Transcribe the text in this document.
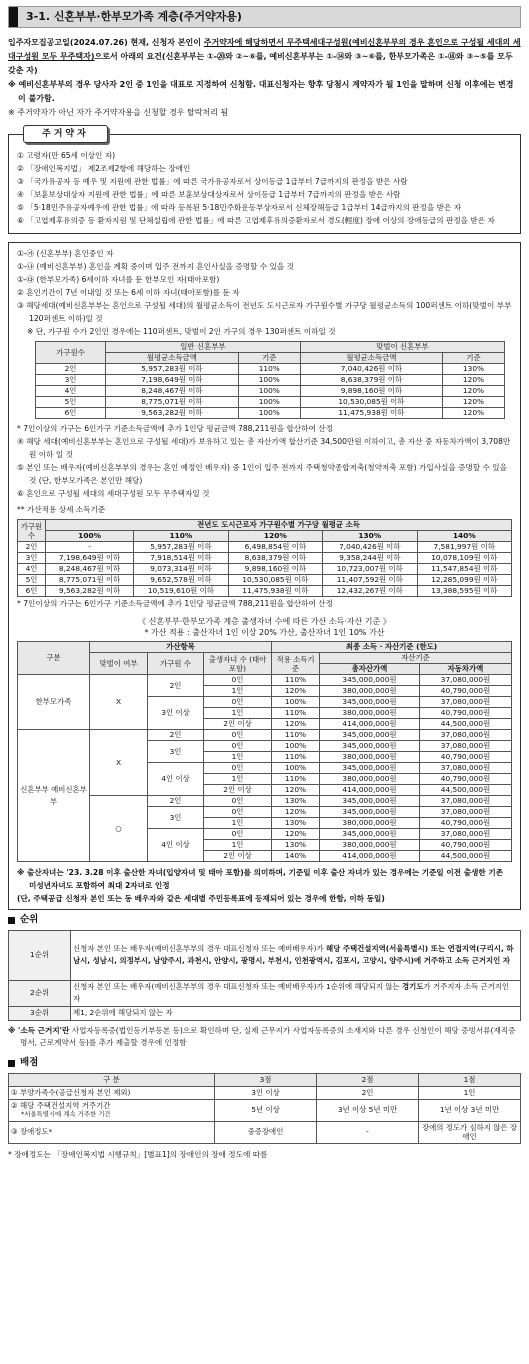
3-1. 신혼부부·한부모가족 계층(주거약자용)
입주자모집공고일(2024.07.26) 현재, 신청자 본인이 주거약자에 해당하면서 무주택세대구성원(예비신혼부부의 경우 혼인으로 구성될 세대의 세대구성원 모두 무주택자)으로서 아래의 요건(신혼부부는 ①-⑳와 ②~⑥를, 예비신혼부부는 ①-⑭와 ③~⑥를, 한부모가족은 ①-⑱와 ③~⑤를 모두 갖춘 자)
※ 예비신혼부부의 경우 당사자 2인 중 1인을 대표로 지정하여 신청함. 대표신청자는 향후 당첨시 계약자가 될 1인을 말하며 신청 이후에는 변경이 불가함.
※ 주거약자가 아닌 자가 주거약자용을 신청할 경우 탈락처리 됨
주거약자
① 고령자(만 65세 이상인 자)
② 「장애인복지법」 제2조제2항에 해당하는 장애인
③ 「국가유공자 등 예우 및 지원에 관한 법률」에 따른 국가유공자로서 상이등급 1급부터 7급까지의 판정을 받은 사람
④ 「보훈보상대상자 지원에 관한 법률」에 따른 보훈보상대상자로서 상이등급 1급부터 7급까지의 판정을 받은 사람
⑤ 「5·18민주유공자예우에 관한 법률」에 따라 등록된 5·18민주화운동부상자로서 신체장해등급 1급부터 14급까지의 판정을 받은 자
⑥ 「고엽제후유의증 등 환자지원 및 단체설립에 관한 법률」에 따른 고엽제후유의증환자로서 경도(輕度) 장애 이상의 장애등급의 판정을 받은 자
①-㉮ (신혼부부) 혼인중인 자
①-㉯ (예비신혼부부) 혼인을 계획 중이며 입주 전까지 혼인사실을 증명할 수 있을 것
①-㉰ (한부모가족) 6세이하 자녀를 둔 한부모인 자(태아포함)
② 혼인기간이 7년 이내일 것 또는 6세 이하 자녀(태아포함)를 둔 자
③ 해당세대(예비신혼부부는 혼인으로 구성될 세대)의 월평균소득이 전년도 도시근로자 가구원수별 가구당 월평균소득의 100퍼센트 이하(맞벌이 부부 120퍼센트 이하)일 것
※ 단, 가구원 수가 2인인 경우에는 110퍼센트, 맞벌이 2인 가구의 경우 130퍼센트 이하일 것
가구원수	일반 신혼부부		맞벌이 신혼부부	
	월평균소득금액	기준	월평균소득금액	기준
2인	5,957,283원 이하	110%	7,040,426원 이하	130%
3인	7,198,649원 이하	100%	8,638,379원 이하	120%
4인	8,248,467원 이하	100%	9,898,160원 이하	120%
5인	8,775,071원 이하	100%	10,530,085원 이하	120%
6인	9,563,282원 이하	100%	11,475,938원 이하	120%
* 7인이상의 가구는 6인가구 기준소득금액에 추가 1인당 평균금액 788,211원을 합산하여 산정
④ 해당 세대(예비신혼부부는 혼인으로 구성될 세대)가 보유하고 있는 총 자산가액 합산기준 34,500만원 이하이고, 총 자산 중 자동차가액이 3,708만원 이하 일 것
⑤ 본인 또는 배우자(예비신혼부부의 경우는 혼인 예정인 배우자) 중 1인이 입주 전까지 주택청약종합저축(청약저축 포함) 가입사실을 증명할 수 있을 것 (단, 한부모가족은 본인만 해당)
⑥ 혼인으로 구성될 세대의 세대구성원 모두 무주택자일 것
** 가산적용 상세 소득기준
가구원수	전년도 도시근로자 가구원수별 가구당 월평균 소득				
	100%	110%	120%	130%	140%
2인	-	5,957,283원 이하	6,498,854원 이하	7,040,426원 이하	7,581,997원 이하
3인	7,198,649원 이하	7,918,514원 이하	8,638,379원 이하	9,358,244원 이하	10,078,109원 이하
4인	8,248,467원 이하	9,073,314원 이하	9,898,160원 이하	10,723,007원 이하	11,547,854원 이하
5인	8,775,071원 이하	9,652,578원 이하	10,530,085원 이하	11,407,592원 이하	12,285,099원 이하
6인	9,563,282원 이하	10,519,610원 이하	11,475,938원 이하	12,432,267원 이하	13,388,595원 이하
* 7인이상의 가구는 6인가구 기준소득금액에 추가 1인당 평균금액 788,211원을 합산하여 산정
《 신혼부부·한부모가족 계층 출생자녀 수에 따른 가산 소득·자산 기준 》
* 가산 적용 : 출산자녀 1인 이상 20% 가산, 출산자녀 1인 10% 가산
구분	가산항목			최종 소득 · 자산기준 (한도)		
	맞벌이 여부	가구원 수	출생자녀 수 (태아포함)	적용 소득기준	자산기준	
					총자산가액	자동차가액
한부모가족	X	2인	0인	110%	345,000,000원	37,080,000원
			1인	120%	380,000,000원	40,790,000원
		3인 이상	0인	100%	345,000,000원	37,080,000원
			1인	110%	380,000,000원	40,790,000원
			2인 이상	120%	414,000,000원	44,500,000원
신혼부부 예비신혼부부	X	2인	0인	110%	345,000,000원	37,080,000원
		3인	0인	100%	345,000,000원	37,080,000원
			1인	110%	380,000,000원	40,790,000원
		4인 이상	0인	100%	345,000,000원	37,080,000원
			1인	110%	380,000,000원	40,790,000원
			2인 이상	120%	414,000,000원	44,500,000원
	○	2인	0인	130%	345,000,000원	37,080,000원
		3인	0인	120%	345,000,000원	37,080,000원
			1인	130%	380,000,000원	40,790,000원
		4인 이상	0인	120%	345,000,000원	37,080,000원
			1인	130%	380,000,000원	40,790,000원
			2인 이상	140%	414,000,000원	44,500,000원
※ 출산자녀는 '23. 3.28 이후 출산한 자녀(입양자녀 및 태아 포함)를 의미하며, 기준일 이후 출산 자녀가 있는 경우에는 기준일 이전 출생한 기존 미성년자녀도 포함하여 최대 2자녀로 인정
(단, 주택공급 신청자 본인 또는 동 배우자와 같은 세대별 주민등록표에 등재되어 있는 경우에 한함, 이하 동일)
순위
1순위	신청자 본인 또는 배우자(예비신혼부부의 경우 대표신청자 또는 예비배우자)가 해당 주택건설지역(서울특별시) 또는 연접지역(구리시, 하남시, 성남시, 의정부시, 남양주시, 과천시, 안양시, 광명시, 부천시, 인천광역시, 김포시, 고양시, 양주시)에 거주하고 소득 근거지인 자
2순위	신청자 본인 또는 배우자(예비신혼부부의 경우 대표신청자 또는 예비배우자)가 1순위에 해당되지 않는 경기도가 거주지자 소득 근거지인 자
3순위	제1, 2순위에 해당되지 않는 자
※ '소득 근거지'란 사업자등록증(법인등기부등본 등)으로 확인하며 단, 실제 근무지가 사업자등록증의 소재지와 다른 경우 신청인이 해당 증빙서류(재직증명서, 근로계약서 등)를 추가 제출할 경우에 인정함
배점
구 분	3점	2점	1점
① 부양가족수(공급신청자 본인 제외)	3인 이상	2인	1인

② 해당 주택건설지역 거주기간
*서울특별시에 계속 거주한 기간	5년 이상	3년 이상 5년 미만	1년 이상 3년 미만
③ 장애정도*	중증장애인	-	장애의 정도가 심하지 않은 장애인
* 장애정도는 「장애인복지법 시행규칙」[별표1]의 장애인의 장애 정도에 따름
